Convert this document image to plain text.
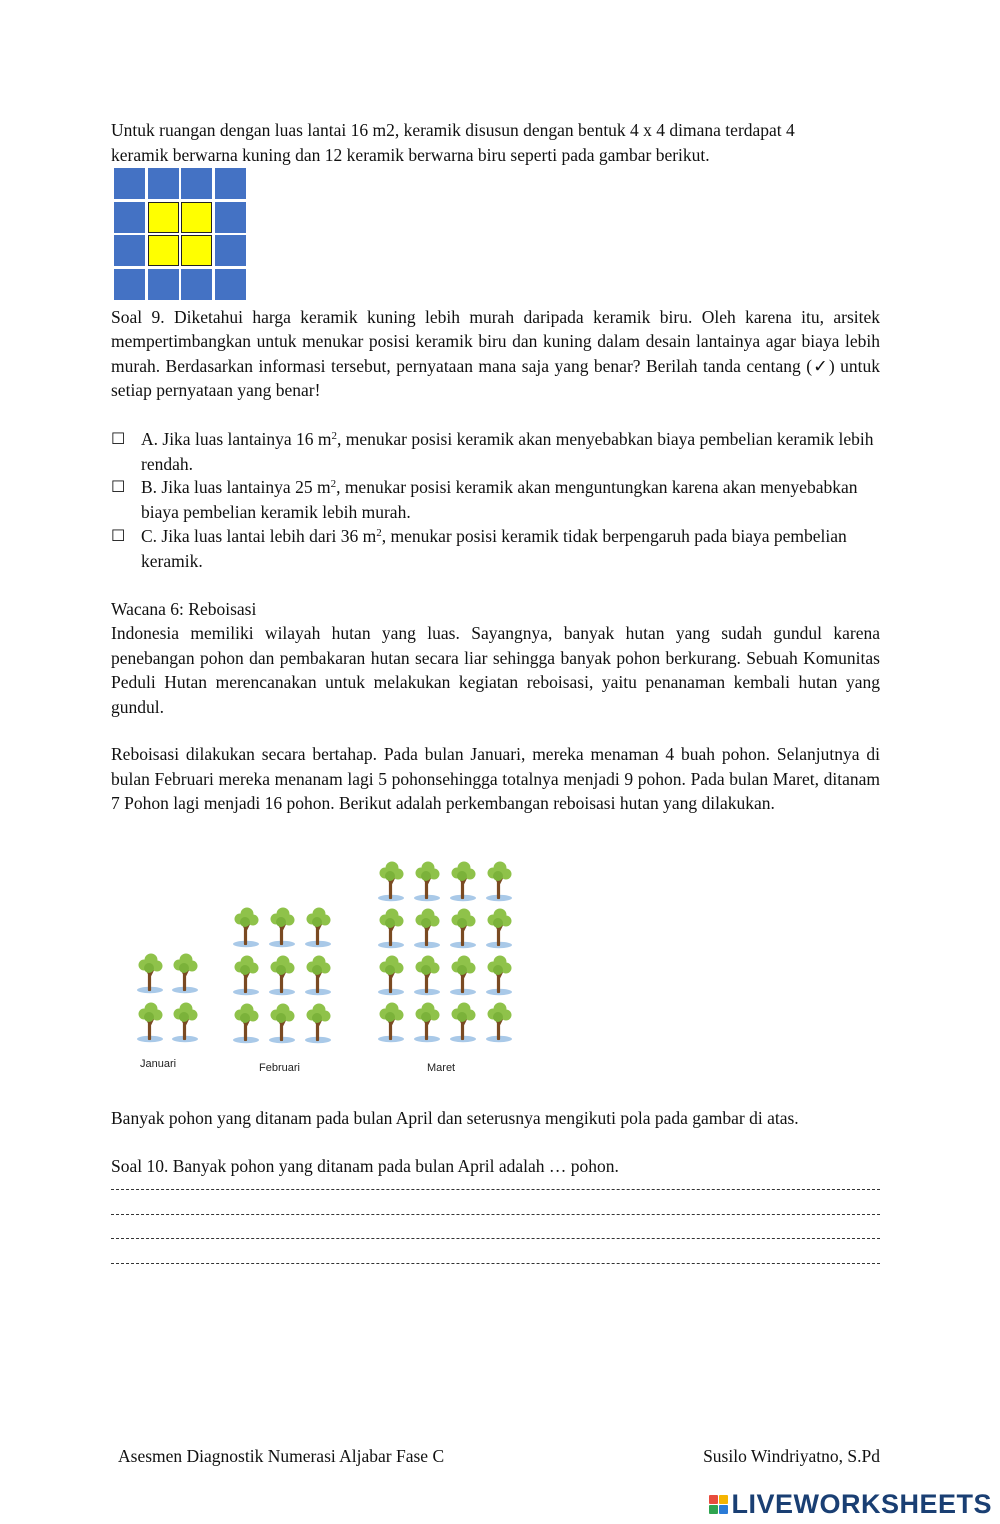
Untuk ruangan dengan luas lantai 16 m2, keramik disusun dengan bentuk 4 x 4 dimana terdapat 4
keramik berwarna kuning dan 12 keramik berwarna biru seperti pada gambar berikut.
Soal 9. Diketahui harga keramik kuning lebih murah daripada keramik biru. Oleh karena itu, arsitek mempertimbangkan untuk menukar posisi keramik biru dan kuning dalam desain lantainya agar biaya lebih murah. Berdasarkan informasi tersebut, pernyataan mana saja yang benar? Berilah tanda centang (✓) untuk setiap pernyataan yang benar!
☐ A. Jika luas lantainya 16 $m^2$, menukar posisi keramik akan menyebabkan biaya pembelian keramik lebih rendah.
☐ B. Jika luas lantainya 25 $m^2$, menukar posisi keramik akan menguntungkan karena akan menyebabkan biaya pembelian keramik lebih murah.
☐ C. Jika luas lantai lebih dari 36 $m^2$, menukar posisi keramik tidak berpengaruh pada biaya pembelian keramik.
Wacana 6: Reboisasi
Indonesia memiliki wilayah hutan yang luas. Sayangnya, banyak hutan yang sudah gundul karena penebangan pohon dan pembakaran hutan secara liar sehingga banyak pohon berkurang. Sebuah Komunitas Peduli Hutan merencanakan untuk melakukan kegiatan reboisasi, yaitu penanaman kembali hutan yang gundul.
Reboisasi dilakukan secara bertahap. Pada bulan Januari, mereka menaman 4 buah pohon. Selanjutnya di bulan Februari mereka menanam lagi 5 pohonsehingga totalnya menjadi 9 pohon. Pada bulan Maret, ditanam 7 Pohon lagi menjadi 16 pohon. Berikut adalah perkembangan reboisasi hutan yang dilakukan.
Januari	Februari	Maret
Banyak pohon yang ditanam pada bulan April dan seterusnya mengikuti pola pada gambar di atas.
Soal 10. Banyak pohon yang ditanam pada bulan April adalah … pohon.
Asesmen Diagnostik Numerasi Aljabar Fase C	Susilo Windriyatno, S.Pd
LIVEWORKSHEETS
